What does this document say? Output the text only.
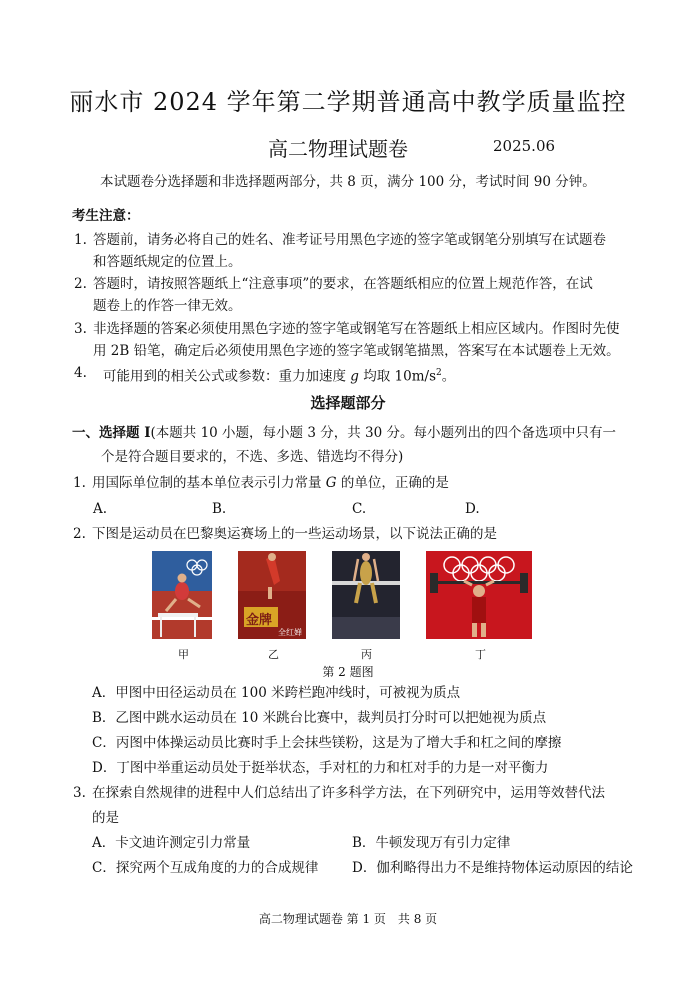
丽水市 2024 学年第二学期普通高中教学质量监控
高二物理试题卷	2025.06
本试题卷分选择题和非选择题两部分，共 8 页，满分 100 分，考试时间 90 分钟。
考生注意：
1. 答题前，请务必将自己的姓名、准考证号用黑色字迹的签字笔或钢笔分别填写在试题卷
和答题纸规定的位置上。
2. 答题时，请按照答题纸上“注意事项”的要求，在答题纸相应的位置上规范作答，在试
题卷上的作答一律无效。
3. 非选择题的答案必须使用黑色字迹的签字笔或钢笔写在答题纸上相应区域内。作图时先使
用 2B 铅笔，确定后必须使用黑色字迹的签字笔或钢笔描黑，答案写在本试题卷上无效。
4. 可能用到的相关公式或参数：重力加速度 g 均取 $10m/s^2$。
选择题部分
一、选择题 I(本题共 10 小题，每小题 3 分，共 30 分。每小题列出的四个备选项中只有一
个是符合题目要求的，不选、多选、错选均不得分)
1. 用国际单位制的基本单位表示引力常量 G 的单位，正确的是
A.	B.	C.	D.
2. 下图是运动员在巴黎奥运赛场上的一些运动场景，以下说法正确的是
金牌
全红婵
甲	乙	丙	丁
第 2 题图
A．甲图中田径运动员在 100 米跨栏跑冲线时，可被视为质点
B．乙图中跳水运动员在 10 米跳台比赛中，裁判员打分时可以把她视为质点
C．丙图中体操运动员比赛时手上会抹些镁粉，这是为了增大手和杠之间的摩擦
D．丁图中举重运动员处于挺举状态，手对杠的力和杠对手的力是一对平衡力
3. 在探索自然规律的进程中人们总结出了许多科学方法，在下列研究中，运用等效替代法
的是
A．卡文迪许测定引力常量	B．牛顿发现万有引力定律
C．探究两个互成角度的力的合成规律 D．伽利略得出力不是维持物体运动原因的结论
高二物理试题卷 第 1 页　共 8 页
